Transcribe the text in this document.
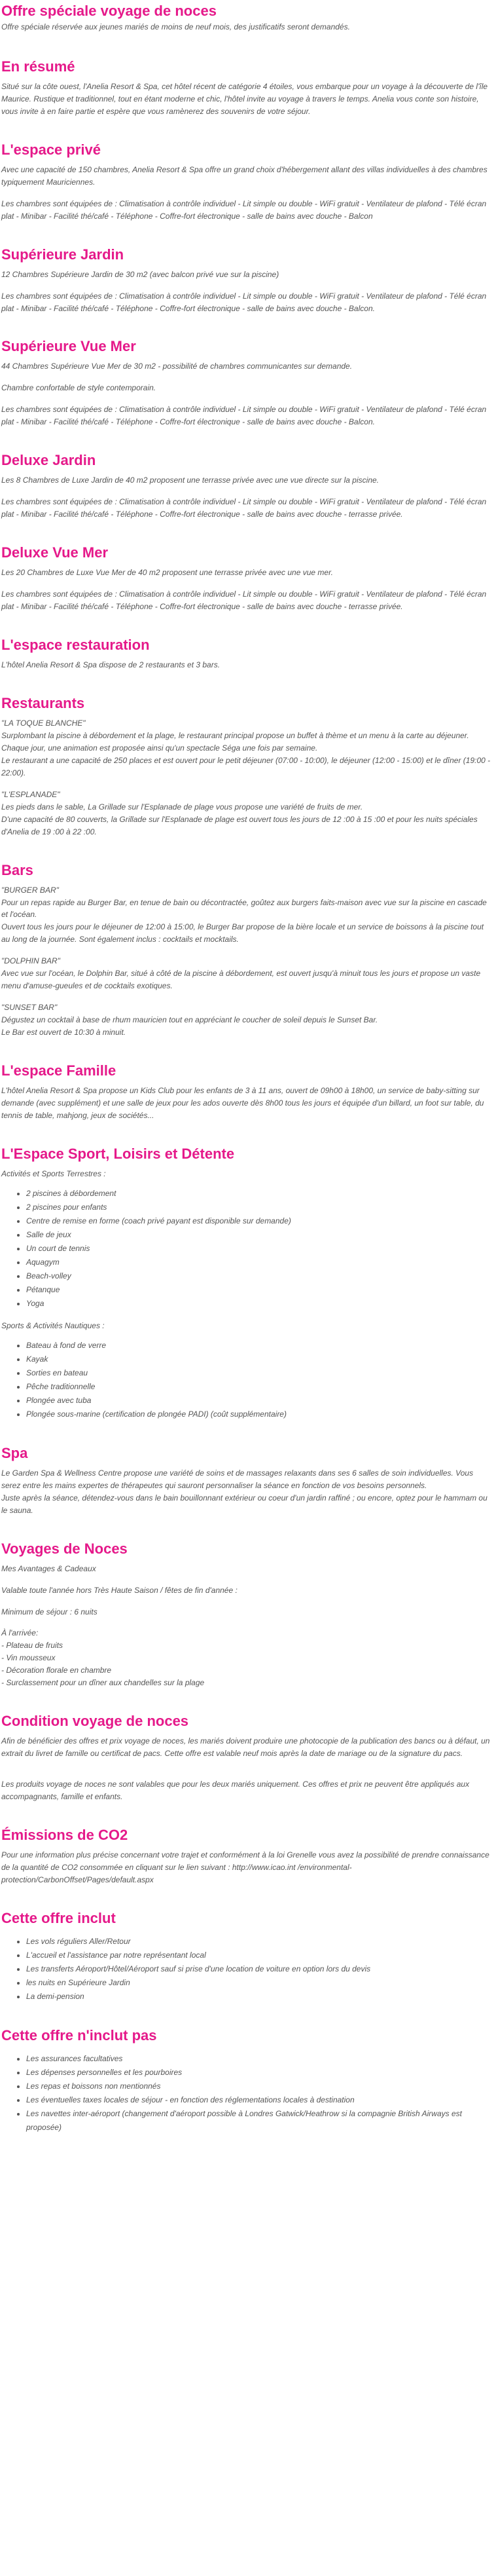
Offre spéciale voyage de noces

Offre spéciale réservée aux jeunes mariés de moins de neuf mois, des justificatifs seront demandés.

En résumé

Situé sur la côte ouest, l'Anelia Resort & Spa, cet hôtel récent de catégorie 4 étoiles, vous embarque pour un voyage à la découverte de l'île Maurice. Rustique et traditionnel, tout en étant moderne et chic, l'hôtel invite au voyage à travers le temps. Anelia vous conte son histoire, vous invite à en faire partie et espère que vous ramènerez des souvenirs de votre séjour.

L'espace privé

Avec une capacité de 150 chambres, Anelia Resort & Spa offre un grand choix d'hébergement allant des villas individuelles à des chambres typiquement Mauriciennes.

Les chambres sont équipées de : Climatisation à contrôle individuel - Lit simple ou double - WiFi gratuit - Ventilateur de plafond - Télé écran plat - Minibar - Facilité thé/café - Téléphone - Coffre-fort électronique - salle de bains avec douche - Balcon

Supérieure Jardin

12 Chambres Supérieure Jardin de 30 m2 (avec balcon privé vue sur la piscine)

Les chambres sont équipées de : Climatisation à contrôle individuel - Lit simple ou double - WiFi gratuit - Ventilateur de plafond - Télé écran plat - Minibar - Facilité thé/café - Téléphone - Coffre-fort électronique - salle de bains avec douche - Balcon.

Supérieure Vue Mer

44 Chambres Supérieure Vue Mer de 30 m2 - possibilité de chambres communicantes sur demande.

Chambre confortable de style contemporain.

Les chambres sont équipées de : Climatisation à contrôle individuel - Lit simple ou double - WiFi gratuit - Ventilateur de plafond - Télé écran plat - Minibar - Facilité thé/café - Téléphone - Coffre-fort électronique - salle de bains avec douche - Balcon.

Deluxe Jardin

Les 8 Chambres de Luxe Jardin de 40 m2 proposent une terrasse privée avec une vue directe sur la piscine.

Les chambres sont équipées de : Climatisation à contrôle individuel - Lit simple ou double - WiFi gratuit - Ventilateur de plafond - Télé écran plat - Minibar - Facilité thé/café - Téléphone - Coffre-fort électronique - salle de bains avec douche - terrasse privée.

Deluxe Vue Mer

Les 20 Chambres de Luxe Vue Mer de 40 m2 proposent une terrasse privée avec une vue mer.

Les chambres sont équipées de : Climatisation à contrôle individuel - Lit simple ou double - WiFi gratuit - Ventilateur de plafond - Télé écran plat - Minibar - Facilité thé/café - Téléphone - Coffre-fort électronique - salle de bains avec douche - terrasse privée.

L'espace restauration

L'hôtel Anelia Resort & Spa dispose de 2 restaurants et 3 bars.

Restaurants
"LA TOQUE BLANCHE"
Surplombant la piscine à débordement et la plage, le restaurant principal propose un buffet à thème et un menu à la carte au déjeuner. Chaque jour, une animation est proposée ainsi qu'un spectacle Séga une fois par semaine.
Le restaurant a une capacité de 250 places et est ouvert pour le petit déjeuner (07:00 - 10:00), le déjeuner (12:00 - 15:00) et le dîner (19:00 - 22:00).
"L'ESPLANADE"
Les pieds dans le sable, La Grillade sur l'Esplanade de plage vous propose une variété de fruits de mer.
D'une capacité de 80 couverts, la Grillade sur l'Esplanade de plage est ouvert tous les jours de 12 :00 à 15 :00 et pour les nuits spéciales d'Anelia de 19 :00 à 22 :00.
Bars
"BURGER BAR"
Pour un repas rapide au Burger Bar, en tenue de bain ou décontractée, goûtez aux burgers faits-maison avec vue sur la piscine en cascade et l'océan.
Ouvert tous les jours pour le déjeuner de 12:00 à 15:00, le Burger Bar propose de la bière locale et un service de boissons à la piscine tout au long de la journée. Sont également inclus : cocktails et mocktails.
"DOLPHIN BAR"
Avec vue sur l'océan, le Dolphin Bar, situé à côté de la piscine à débordement, est ouvert jusqu'à minuit tous les jours et propose un vaste menu d'amuse-gueules et de cocktails exotiques.
"SUNSET BAR"
Dégustez un cocktail à base de rhum mauricien tout en appréciant le coucher de soleil depuis le Sunset Bar.
Le Bar est ouvert de 10:30 à minuit.
L'espace Famille

L'hôtel Anelia Resort & Spa propose un Kids Club pour les enfants de 3 à 11 ans, ouvert de 09h00 à 18h00, un service de baby-sitting sur demande (avec supplément) et une salle de jeux pour les ados ouverte dès 8h00 tous les jours et équipée d'un billard, un foot sur table, du tennis de table, mahjong, jeux de sociétés...

L'Espace Sport, Loisirs et Détente

Activités et Sports Terrestres :

• 2 piscines à débordement
• 2 piscines pour enfants
• Centre de remise en forme (coach privé payant est disponible sur demande)
• Salle de jeux
• Un court de tennis
• Aquagym
• Beach-volley
• Pétanque
• Yoga

Sports & Activités Nautiques :

• Bateau à fond de verre
• Kayak
• Sorties en bateau
• Pêche traditionnelle
• Plongée avec tuba
• Plongée sous-marine (certification de plongée PADI) (coût supplémentaire)
Spa
Le Garden Spa & Wellness Centre propose une variété de soins et de massages relaxants dans ses 6 salles de soin individuelles. Vous serez entre les mains expertes de thérapeutes qui sauront personnaliser la séance en fonction de vos besoins personnels.
Juste après la séance, détendez-vous dans le bain bouillonnant extérieur ou coeur d'un jardin raffiné ; ou encore, optez pour le hammam ou le sauna.
Voyages de Noces

Mes Avantages & Cadeaux

Valable toute l'année hors Très Haute Saison / fêtes de fin d'année :

Minimum de séjour : 6 nuits

À l'arrivée:
- Plateau de fruits
- Vin mousseux
- Décoration florale en chambre
- Surclassement pour un dîner aux chandelles sur la plage
Condition voyage de noces

Afin de bénéficier des offres et prix voyage de noces, les mariés doivent produire une photocopie de la publication des bancs ou à défaut, un extrait du livret de famille ou certificat de pacs. Cette offre est valable neuf mois après la date de mariage ou de la signature du pacs.

Les produits voyage de noces ne sont valables que pour les deux mariés uniquement. Ces offres et prix ne peuvent être appliqués aux accompagnants, famille et enfants.

Émissions de CO2

Pour une information plus précise concernant votre trajet et conformément à la loi Grenelle vous avez la possibilité de prendre connaissance de la quantité de CO2 consommée en cliquant sur le lien suivant : http://www.icao.int /environmental-protection/CarbonOffset/Pages/default.aspx

Cette offre inclut
• Les vols réguliers Aller/Retour
• L'accueil et l'assistance par notre représentant local
• Les transferts Aéroport/Hôtel/Aéroport sauf si prise d'une location de voiture en option lors du devis
• les nuits en Supérieure Jardin
• La demi-pension
Cette offre n'inclut pas
• Les assurances facultatives
• Les dépenses personnelles et les pourboires
• Les repas et boissons non mentionnés
• Les éventuelles taxes locales de séjour - en fonction des réglementations locales à destination
• Les navettes inter-aéroport (changement d'aéroport possible à Londres Gatwick/Heathrow si la compagnie British Airways est proposée)
